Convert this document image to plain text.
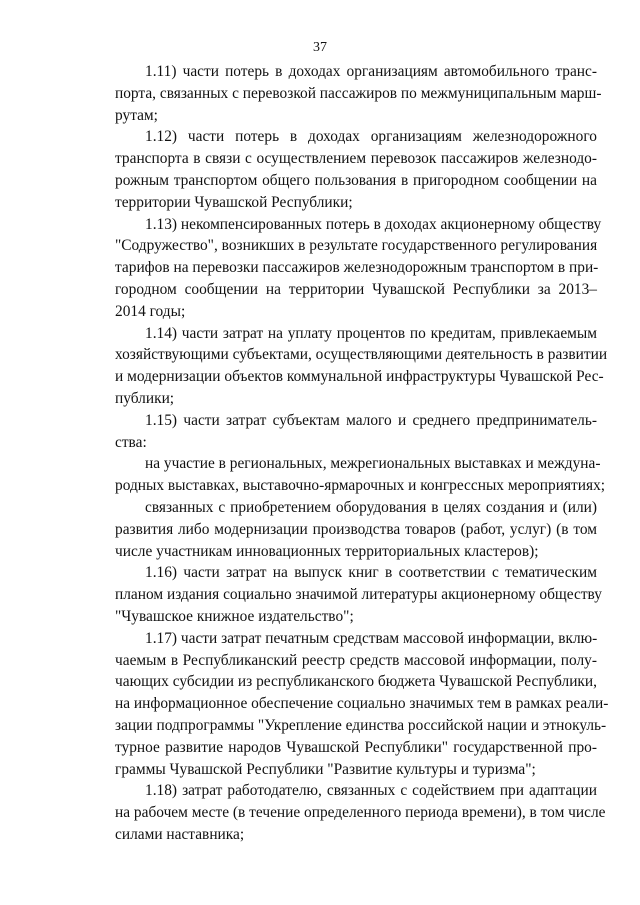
37
1.11) части потерь в доходах организациям автомобильного транс-
порта, связанных с перевозкой пассажиров по межмуниципальным марш-
рутам;
1.12) части потерь в доходах организациям железнодорожного
транспорта в связи с осуществлением перевозок пассажиров железнодо-
рожным транспортом общего пользования в пригородном сообщении на
территории Чувашской Республики;
1.13) некомпенсированных потерь в доходах акционерному обществу
"Содружество", возникших в результате государственного регулирования
тарифов на перевозки пассажиров железнодорожным транспортом в при-
городном сообщении на территории Чувашской Республики за 2013–
2014 годы;
1.14) части затрат на уплату процентов по кредитам, привлекаемым
хозяйствующими субъектами, осуществляющими деятельность в развитии
и модернизации объектов коммунальной инфраструктуры Чувашской Рес-
публики;
1.15) части затрат субъектам малого и среднего предприниматель-
ства:
на участие в региональных, межрегиональных выставках и междуна-
родных выставках, выставочно-ярмарочных и конгрессных мероприятиях;
связанных с приобретением оборудования в целях создания и (или)
развития либо модернизации производства товаров (работ, услуг) (в том
числе участникам инновационных территориальных кластеров);
1.16) части затрат на выпуск книг в соответствии с тематическим
планом издания социально значимой литературы акционерному обществу
"Чувашское книжное издательство";
1.17) части затрат печатным средствам массовой информации, вклю-
чаемым в Республиканский реестр средств массовой информации, полу-
чающих субсидии из республиканского бюджета Чувашской Республики,
на информационное обеспечение социально значимых тем в рамках реали-
зации подпрограммы "Укрепление единства российской нации и этнокуль-
турное развитие народов Чувашской Республики" государственной про-
граммы Чувашской Республики "Развитие культуры и туризма";
1.18) затрат работодателю, связанных с содействием при адаптации
на рабочем месте (в течение определенного периода времени), в том числе
силами наставника;
